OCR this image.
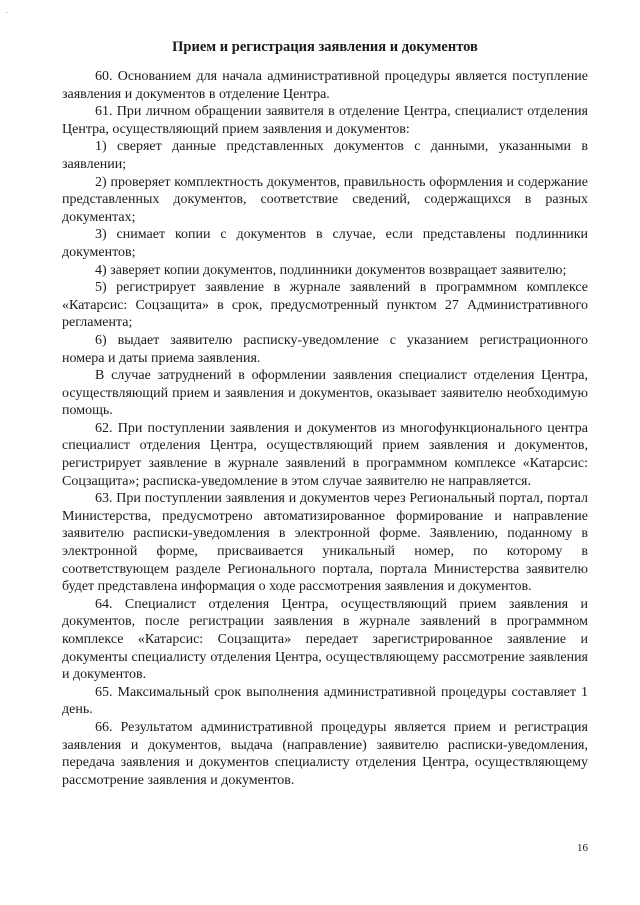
Прием и регистрация заявления и документов

60. Основанием для начала административной процедуры является поступление заявления и документов в отделение Центра.

61. При личном обращении заявителя в отделение Центра, специалист отделения Центра, осуществляющий прием заявления и документов:

1) сверяет данные представленных документов с данными, указанными в заявлении;

2) проверяет комплектность документов, правильность оформления и содержание представленных документов, соответствие сведений, содержащихся в разных документах;

3) снимает копии с документов в случае, если представлены подлинники документов;

4) заверяет копии документов, подлинники документов возвращает заявителю;

5) регистрирует заявление в журнале заявлений в программном комплексе «Катарсис: Соцзащита» в срок, предусмотренный пунктом 27 Административного регламента;

6) выдает заявителю расписку-уведомление с указанием регистрационного номера и даты приема заявления.

В случае затруднений в оформлении заявления специалист отделения Центра, осуществляющий прием и заявления и документов, оказывает заявителю необходимую помощь.

62. При поступлении заявления и документов из многофункционального центра специалист отделения Центра, осуществляющий прием заявления и документов, регистрирует заявление в журнале заявлений в программном комплексе «Катарсис: Соцзащита»; расписка-уведомление в этом случае заявителю не направляется.

63. При поступлении заявления и документов через Региональный портал, портал Министерства, предусмотрено автоматизированное формирование и направление заявителю расписки-уведомления в электронной форме. Заявлению, поданному в электронной форме, присваивается уникальный номер, по которому в соответствующем разделе Регионального портала, портала Министерства заявителю будет представлена информация о ходе рассмотрения заявления и документов.

64. Специалист отделения Центра, осуществляющий прием заявления и документов, после регистрации заявления в журнале заявлений в программном комплексе «Катарсис: Соцзащита» передает зарегистрированное заявление и документы специалисту отделения Центра, осуществляющему рассмотрение заявления и документов.

65. Максимальный срок выполнения административной процедуры составляет 1 день.

66. Результатом административной процедуры является прием и регистрация заявления и документов, выдача (направление) заявителю расписки-уведомления, передача заявления и документов специалисту отделения Центра, осуществляющему рассмотрение заявления и документов.

16
